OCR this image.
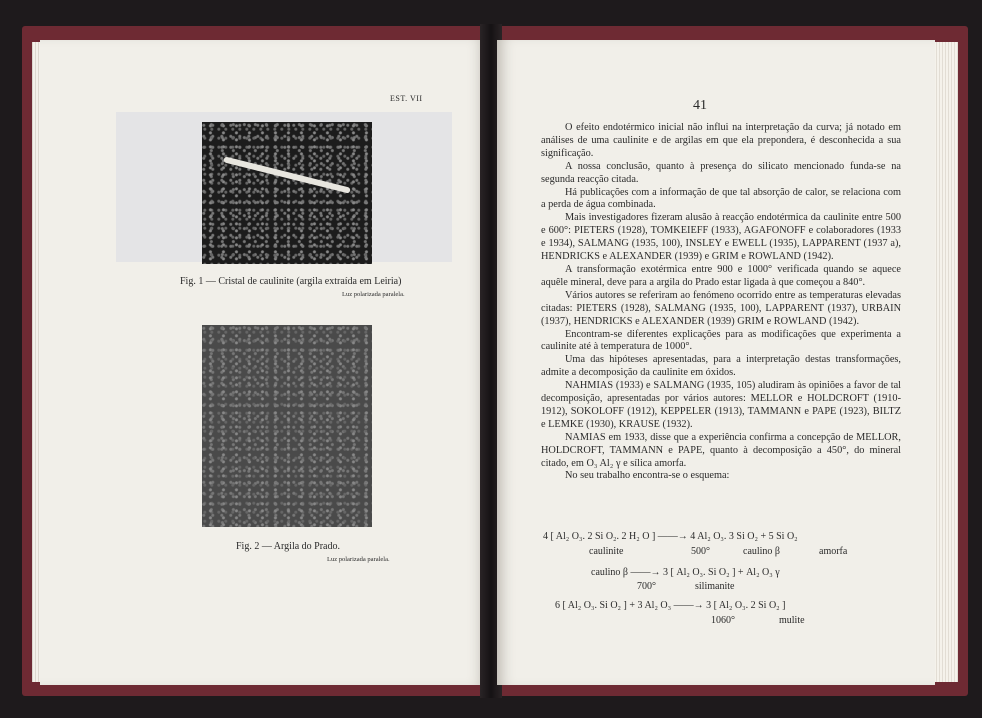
EST. VII
Fig. 1 — Cristal de caulinite (argila extraída em Leiria)
Luz polarizada paralela.
Fig. 2 — Argila do Prado.
Luz polarizada paralela.
41

O efeito endotérmico inicial não influi na interpretação da curva; já notado em análises de uma caulinite e de argilas em que ela prepondera, é desconhecida a sua significação.

A nossa conclusão, quanto à presença do silicato mencionado funda-se na segunda reacção citada.

Há publicações com a informação de que tal absorção de calor, se relaciona com a perda de água combinada.

Mais investigadores fizeram alusão à reacção endotérmica da caulinite entre 500 e 600°: PIETERS (1928), TOMKEIEFF (1933), AGAFONOFF e colaboradores (1933 e 1934), SALMANG (1935, 100), INSLEY e EWELL (1935), LAPPARENT (1937 a), HENDRICKS e ALEXANDER (1939) e GRIM e ROWLAND (1942).

A transformação exotérmica entre 900 e 1000° verificada quando se aquece aquêle mineral, deve para a argila do Prado estar ligada à que começou a 840°.

Vários autores se referiram ao fenómeno ocorrido entre as temperaturas elevadas citadas: PIETERS (1928), SALMANG (1935, 100), LAPPARENT (1937), URBAIN (1937), HENDRICKS e ALEXANDER (1939) GRIM e ROWLAND (1942).

Encontram-se diferentes explicações para as modificações que experimenta a caulinite até à temperatura de 1000°.

Uma das hipóteses apresentadas, para a interpretação destas transformações, admite a decomposição da caulinite em óxidos.

NAHMIAS (1933) e SALMANG (1935, 105) aludiram às opiniões a favor de tal decomposição, apresentadas por vários autores: MELLOR e HOLDCROFT (1910-1912), SOKOLOFF (1912), KEPPELER (1913), TAMMANN e PAPE (1923), BILTZ e LEMKE (1930), KRAUSE (1932).

NAMIAS em 1933, disse que a experiência confirma a concepção de MELLOR, HOLDCROFT, TAMMANN e PAPE, quanto à decomposição a 450°, do mineral citado, em O₃ Al₂ γ e sílica amorfa.

No seu trabalho encontra-se o esquema:

4 [ Al₂ O₃. 2 Si O₂. 2 H₂ O ] ——→ 4 Al₂ O₃. 3 Si O₂ + 5 Si O₂
caulinite	500°	caulino β	amorfa
caulino β ——→ 3 [ Al₂ O₃. Si O₂ ] + Al₂ O₃ γ
700°	silimanite
6 [ Al₂ O₃. Si O₂ ] + 3 Al₂ O₃ ——→ 3 [ Al₂ O₃. 2 Si O₂ ]
1060°	mulite
